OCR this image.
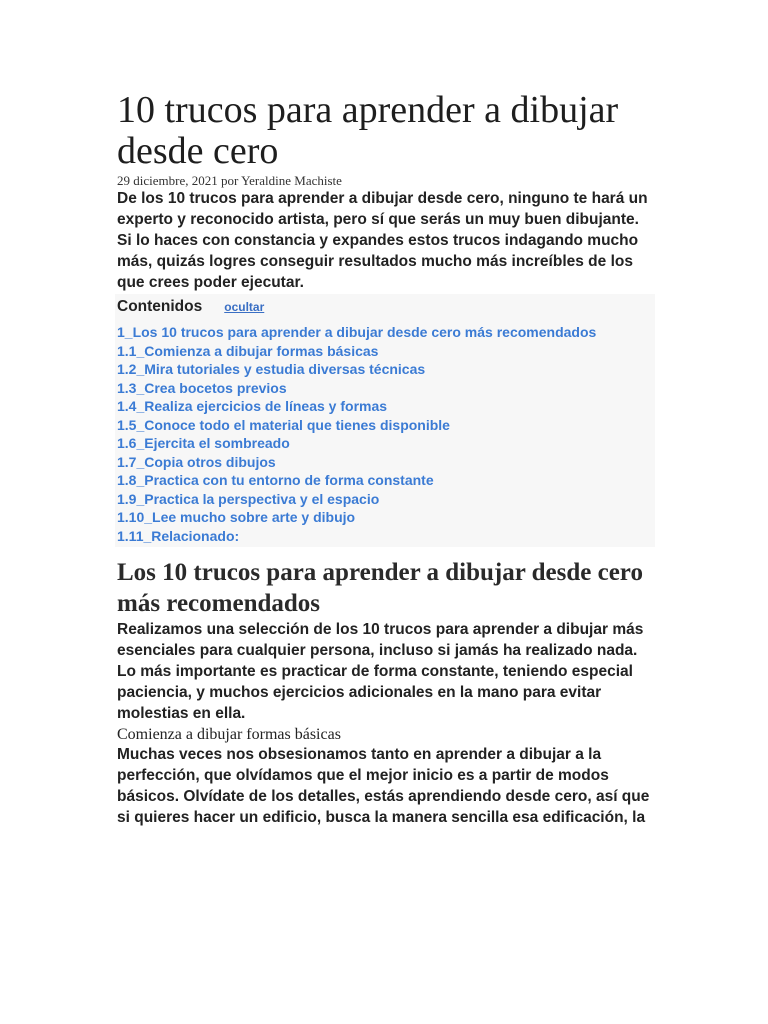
10 trucos para aprender a dibujar desde cero
29 diciembre, 2021 por Yeraldine Machiste

De los 10 trucos para aprender a dibujar desde cero, ninguno te hará un experto y reconocido artista, pero sí que serás un muy buen dibujante. Si lo haces con constancia y expandes estos trucos indagando mucho más, quizás logres conseguir resultados mucho más increíbles de los que crees poder ejecutar.

Contenidos ocultar
1_Los 10 trucos para aprender a dibujar desde cero más recomendados
1.1_Comienza a dibujar formas básicas
1.2_Mira tutoriales y estudia diversas técnicas
1.3_Crea bocetos previos
1.4_Realiza ejercicios de líneas y formas
1.5_Conoce todo el material que tienes disponible
1.6_Ejercita el sombreado
1.7_Copia otros dibujos
1.8_Practica con tu entorno de forma constante
1.9_Practica la perspectiva y el espacio
1.10_Lee mucho sobre arte y dibujo
1.11_Relacionado:
Los 10 trucos para aprender a dibujar desde cero más recomendados

Realizamos una selección de los 10 trucos para aprender a dibujar más esenciales para cualquier persona, incluso si jamás ha realizado nada. Lo más importante es practicar de forma constante, teniendo especial paciencia, y muchos ejercicios adicionales en la mano para evitar molestias en ella.

Comienza a dibujar formas básicas

Muchas veces nos obsesionamos tanto en aprender a dibujar a la perfección, que olvídamos que el mejor inicio es a partir de modos básicos. Olvídate de los detalles, estás aprendiendo desde cero, así que si quieres hacer un edificio, busca la manera sencilla esa edificación, la
